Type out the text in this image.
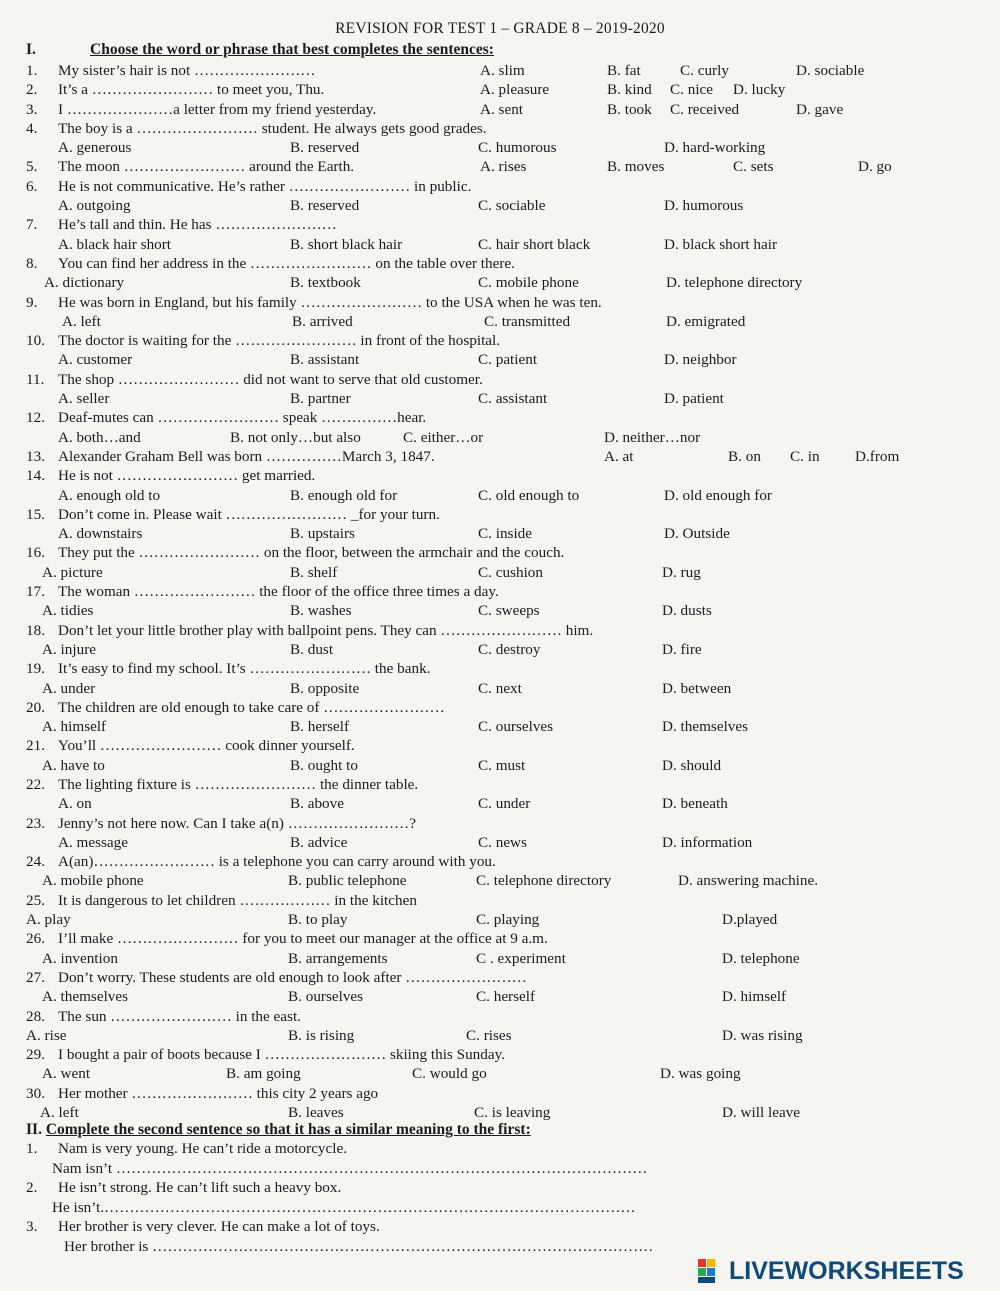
REVISION FOR TEST 1 – GRADE 8 – 2019-2020
I.	Choose the word or phrase that best completes the sentences:
1. My sister’s hair is not ……………………	A. slim	B. fat	C. curly	D. sociable
2. It’s a …………………… to meet you, Thu.	A. pleasure	B. kind C. nice D. lucky
3. I …………………a letter from my friend yesterday.	A. sent	B. took C. received	D. gave
4. The boy is a …………………… student. He always gets good grades.
A. generous	B. reserved	C. humorous	D. hard-working
5. The moon …………………… around the Earth.	A. rises	B. moves	C. sets	D. go
6. He is not communicative. He’s rather …………………… in public.
A. outgoing	B. reserved	C. sociable	D. humorous
7. He’s tall and thin. He has ……………………
A. black hair short	B. short black hair	C. hair short black	D. black short hair
8. You can find her address in the …………………… on the table over there.
A. dictionary	B. textbook	C. mobile phone	D. telephone directory
9. He was born in England, but his family …………………… to the USA when he was ten.
A. left	B. arrived	C. transmitted	D. emigrated
10. The doctor is waiting for the …………………… in front of the hospital.
A. customer	B. assistant	C. patient	D. neighbor
11. The shop …………………… did not want to serve that old customer.
A. seller	B. partner	C. assistant	D. patient
12. Deaf-mutes can …………………… speak ……………hear.
A. both…and	B. not only…but also	C. either…or	D. neither…nor
13. Alexander Graham Bell was born ……………March 3, 1847.	A. at	B. on C. in D.from
14. He is not …………………… get married.
A. enough old to	B. enough old for	C. old enough to	D. old enough for
15. Don’t come in. Please wait …………………… _for your turn.
A. downstairs	B. upstairs	C. inside	D. Outside
16. They put the …………………… on the floor, between the armchair and the couch.
A. picture	B. shelf	C. cushion	D. rug
17. The woman …………………… the floor of the office three times a day.
A. tidies	B. washes	C. sweeps	D. dusts
18. Don’t let your little brother play with ballpoint pens. They can …………………… him.
A. injure	B. dust	C. destroy	D. fire
19. It’s easy to find my school. It’s …………………… the bank.
A. under	B. opposite	C. next	D. between
20. The children are old enough to take care of ……………………
A. himself	B. herself	C. ourselves	D. themselves
21. You’ll …………………… cook dinner yourself.
A. have to	B. ought to	C. must	D. should
22. The lighting fixture is …………………… the dinner table.
A. on	B. above	C. under	D. beneath
23. Jenny’s not here now. Can I take a(n) ……………………?
A. message	B. advice	C. news	D. information
24. A(an)…………………… is a telephone you can carry around with you.
A. mobile phone	B. public telephone	C. telephone directory	D. answering machine.
25. It is dangerous to let children ……………… in the kitchen
A. play	B. to play	C. playing	D.played
26. I’ll make …………………… for you to meet our manager at the office at 9 a.m.
A. invention	B. arrangements	C . experiment	D. telephone
27. Don’t worry. These students are old enough to look after ……………………
A. themselves	B. ourselves	C. herself	D. himself
28. The sun …………………… in the east.
A. rise	B. is rising	C. rises	D. was rising
29. I bought a pair of boots because I …………………… skiing this Sunday.
A. went	B. am going	C. would go	D. was going
30. Her mother …………………… this city 2 years ago
A. left	B. leaves	C. is leaving	D. will leave
II. Complete the second sentence so that it has a similar meaning to the first:
1. Nam is very young. He can’t ride a motorcycle.
Nam isn’t ……………………………………………………………………………………………
2. He isn’t strong. He can’t lift such a heavy box.
He isn’t.……………………………………………………………………………………………
3. Her brother is very clever. He can make a lot of toys.
Her brother is ………………………………………………………………………………………
LIVEWORKSHEETS
